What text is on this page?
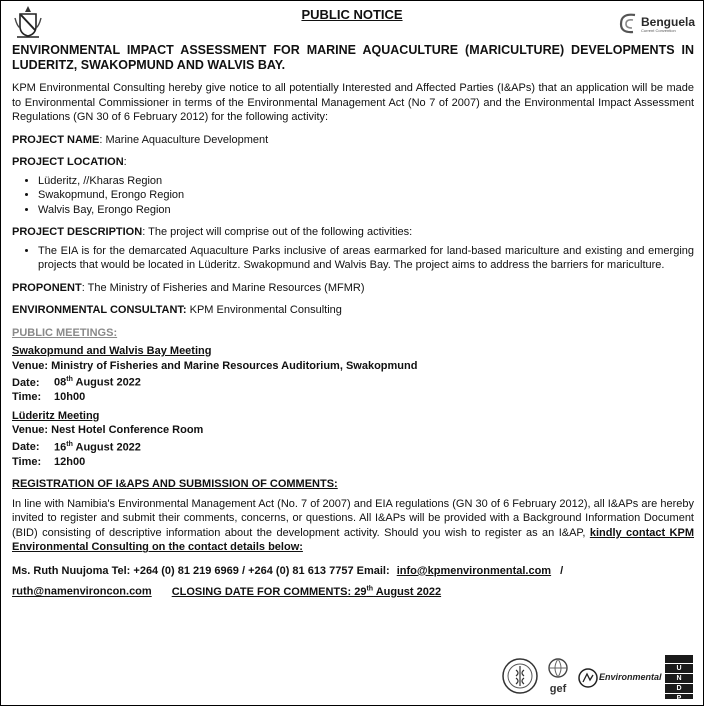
PUBLIC NOTICE	Benguela
Current Convention

ENVIRONMENTAL IMPACT ASSESSMENT FOR MARINE AQUACULTURE (MARICULTURE) DEVELOPMENTS IN LUDERITZ, SWAKOPMUND AND WALVIS BAY.

KPM Environmental Consulting hereby give notice to all potentially Interested and Affected Parties (I&APs) that an application will be made to Environmental Commissioner in terms of the Environmental Management Act (No 7 of 2007) and the Environmental Impact Assessment Regulations (GN 30 of 6 February 2012) for the following activity:

PROJECT NAME: Marine Aquaculture Development

PROJECT LOCATION:

• Lüderitz, //Kharas Region
• Swakopmund, Erongo Region
• Walvis Bay, Erongo Region

PROJECT DESCRIPTION: The project will comprise out of the following activities:

• The EIA is for the demarcated Aquaculture Parks inclusive of areas earmarked for land-based mariculture and existing and emerging projects that would be located in Lüderitz. Swakopmund and Walvis Bay. The project aims to address the barriers for mariculture.

PROPONENT: The Ministry of Fisheries and Marine Resources (MFMR)

ENVIRONMENTAL CONSULTANT: KPM Environmental Consulting

PUBLIC MEETINGS:

Swakopmund and Walvis Bay Meeting

Venue: Ministry of Fisheries and Marine Resources Auditorium, Swakopmund

Date: 08th August 2022

Time: 10h00

Lüderitz Meeting

Venue: Nest Hotel Conference Room

Date: 16th August 2022

Time: 12h00

REGISTRATION OF I&APS AND SUBMISSION OF COMMENTS:

In line with Namibia's Environmental Management Act (No. 7 of 2007) and EIA regulations (GN 30 of 6 February 2012), all I&APs are hereby invited to register and submit their comments, concerns, or questions. All I&APs will be provided with a Background Information Document (BID) consisting of descriptive information about the development activity. Should you wish to register as an I&AP, kindly contact KPM Environmental Consulting on the contact details below:

Ms. Ruth Nuujoma Tel: +264 (0) 81 219 6969 / +264 (0) 81 613 7757 Email: info@kpmenvironmental.com /

ruth@namenvironcon.com CLOSING DATE FOR COMMENTS: 29th August 2022

gef
Environmental
U
N
D
P
